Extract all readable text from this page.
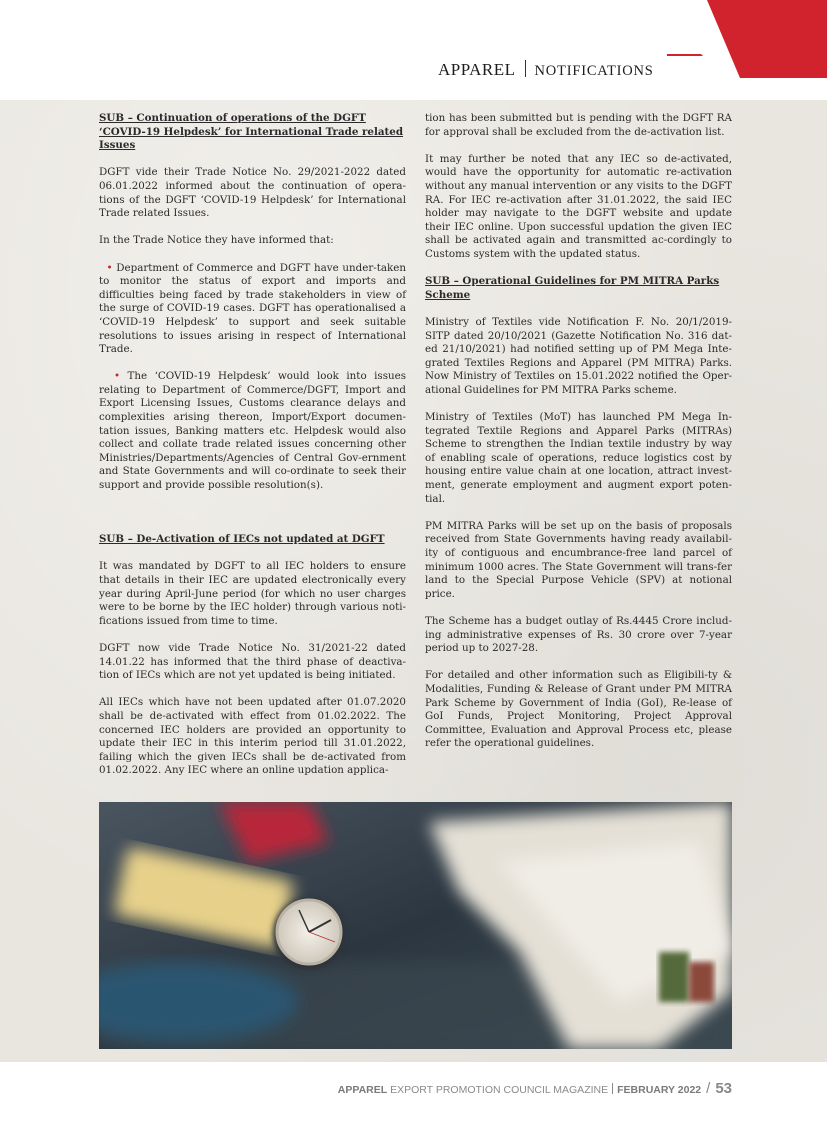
APPAREL NOTIFICATIONS

SUB – Continuation of operations of the DGFT ‘COVID-19 Helpdesk’ for International Trade related Issues

DGFT vide their Trade Notice No. 29/2021-2022 dated 06.01.2022 informed about the continuation of opera-tions of the DGFT ‘COVID-19 Helpdesk’ for International Trade related Issues.

In the Trade Notice they have informed that:

• Department of Commerce and DGFT have under-taken to monitor the status of export and imports and difficulties being faced by trade stakeholders in view of the surge of COVID-19 cases. DGFT has operationalised a ‘COVID-19 Helpdesk’ to support and seek suitable resolutions to issues arising in respect of International Trade.

• The ‘COVID-19 Helpdesk’ would look into issues relating to Department of Commerce/DGFT, Import and Export Licensing Issues, Customs clearance delays and complexities arising thereon, Import/Export documen-tation issues, Banking matters etc. Helpdesk would also collect and collate trade related issues concerning other Ministries/Departments/Agencies of Central Gov-ernment and State Governments and will co-ordinate to seek their support and provide possible resolution(s).

SUB – De-Activation of IECs not updated at DGFT

It was mandated by DGFT to all IEC holders to ensure that details in their IEC are updated electronically every year during April-June period (for which no user charges were to be borne by the IEC holder) through various noti-fications issued from time to time.

DGFT now vide Trade Notice No. 31/2021-22 dated 14.01.22 has informed that the third phase of deactiva-tion of IECs which are not yet updated is being initiated.

All IECs which have not been updated after 01.07.2020 shall be de-activated with effect from 01.02.2022. The concerned IEC holders are provided an opportunity to update their IEC in this interim period till 31.01.2022, failing which the given IECs shall be de-activated from 01.02.2022. Any IEC where an online updation applica-

tion has been submitted but is pending with the DGFT RA for approval shall be excluded from the de-activation list.

It may further be noted that any IEC so de-activated, would have the opportunity for automatic re-activation without any manual intervention or any visits to the DGFT RA. For IEC re-activation after 31.01.2022, the said IEC holder may navigate to the DGFT website and update their IEC online. Upon successful updation the given IEC shall be activated again and transmitted ac-cordingly to Customs system with the updated status.

SUB – Operational Guidelines for PM MITRA Parks Scheme

Ministry of Textiles vide Notification F. No. 20/1/2019-SITP dated 20/10/2021 (Gazette Notification No. 316 dat-ed 21/10/2021) had notified setting up of PM Mega Inte-grated Textiles Regions and Apparel (PM MITRA) Parks. Now Ministry of Textiles on 15.01.2022 notified the Oper-ational Guidelines for PM MITRA Parks scheme.

Ministry of Textiles (MoT) has launched PM Mega In-tegrated Textile Regions and Apparel Parks (MITRAs) Scheme to strengthen the Indian textile industry by way of enabling scale of operations, reduce logistics cost by housing entire value chain at one location, attract invest-ment, generate employment and augment export poten-tial.

PM MITRA Parks will be set up on the basis of proposals received from State Governments having ready availabil-ity of contiguous and encumbrance-free land parcel of minimum 1000 acres. The State Government will trans-fer land to the Special Purpose Vehicle (SPV) at notional price.

The Scheme has a budget outlay of Rs.4445 Crore includ-ing administrative expenses of Rs. 30 crore over 7-year period up to 2027-28.

For detailed and other information such as Eligibili-ty & Modalities, Funding & Release of Grant under PM MITRA Park Scheme by Government of India (GoI), Re-lease of GoI Funds, Project Monitoring, Project Approval Committee, Evaluation and Approval Process etc, please refer the operational guidelines.

APPAREL EXPORT PROMOTION COUNCIL MAGAZINE FEBRUARY 2022 / 53
